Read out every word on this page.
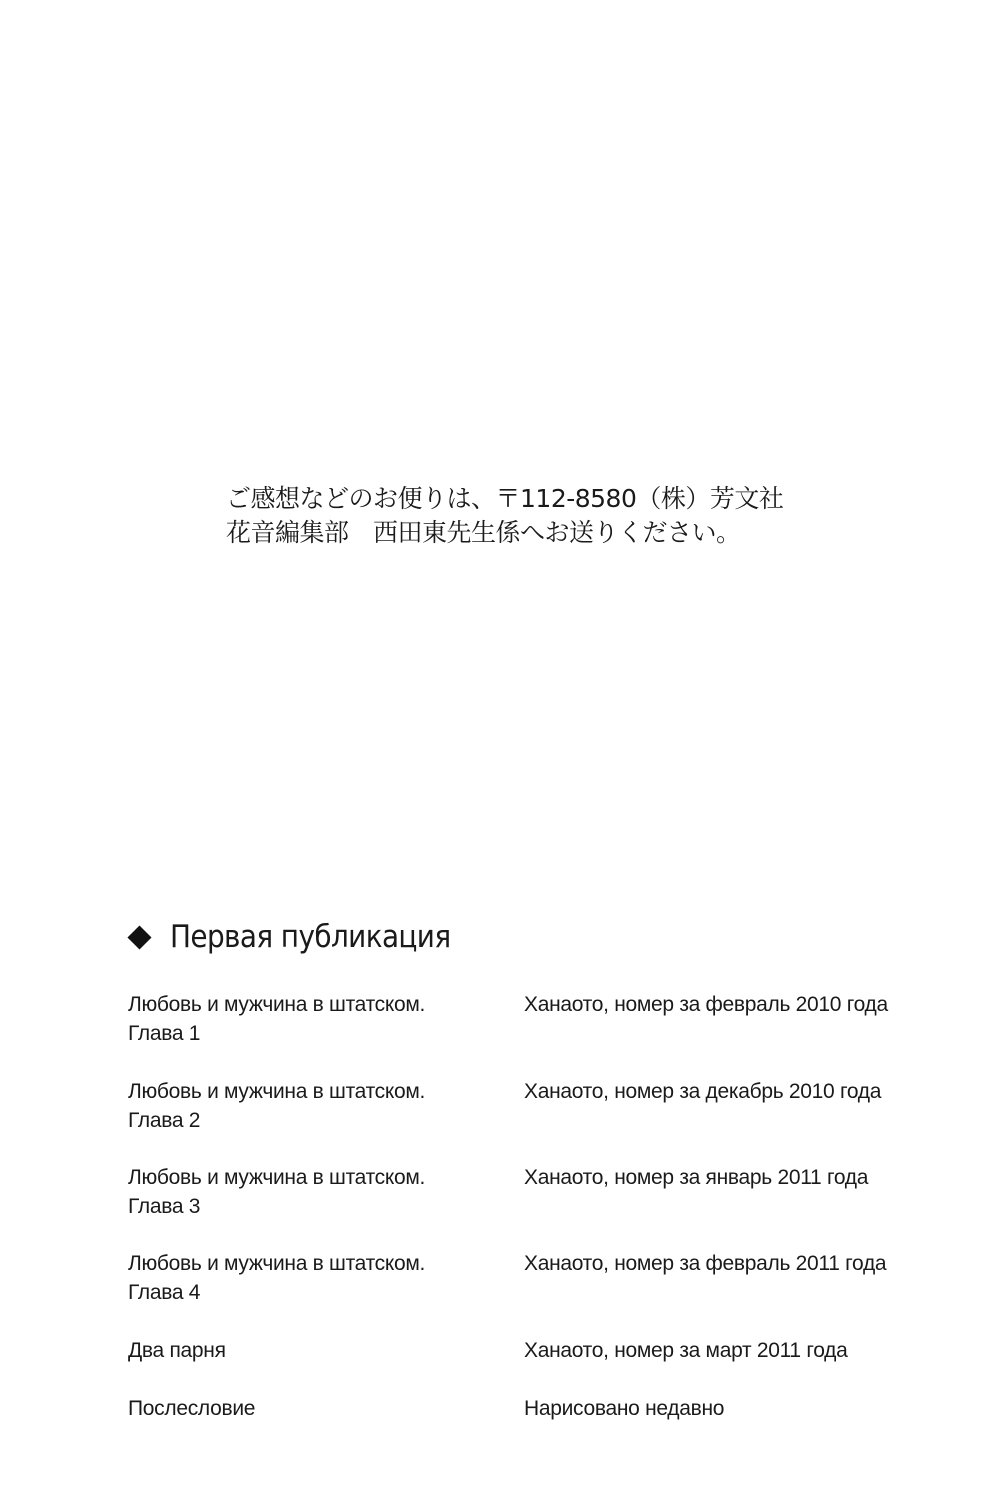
ご感想などのお便りは、〒112-8580（株）芳文社
花音編集部　西田東先生係へお送りください。
Первая публикация
Любовь и мужчина в штатском.
Глава 1
Ханаото, номер за февраль 2010 года
Любовь и мужчина в штатском.
Глава 2
Ханаото, номер за декабрь 2010 года
Любовь и мужчина в штатском.
Глава 3
Ханаото, номер за январь 2011 года
Любовь и мужчина в штатском.
Глава 4
Ханаото, номер за февраль 2011 года
Два парня	Ханаото, номер за март 2011 года
Послесловие	Нарисовано недавно
